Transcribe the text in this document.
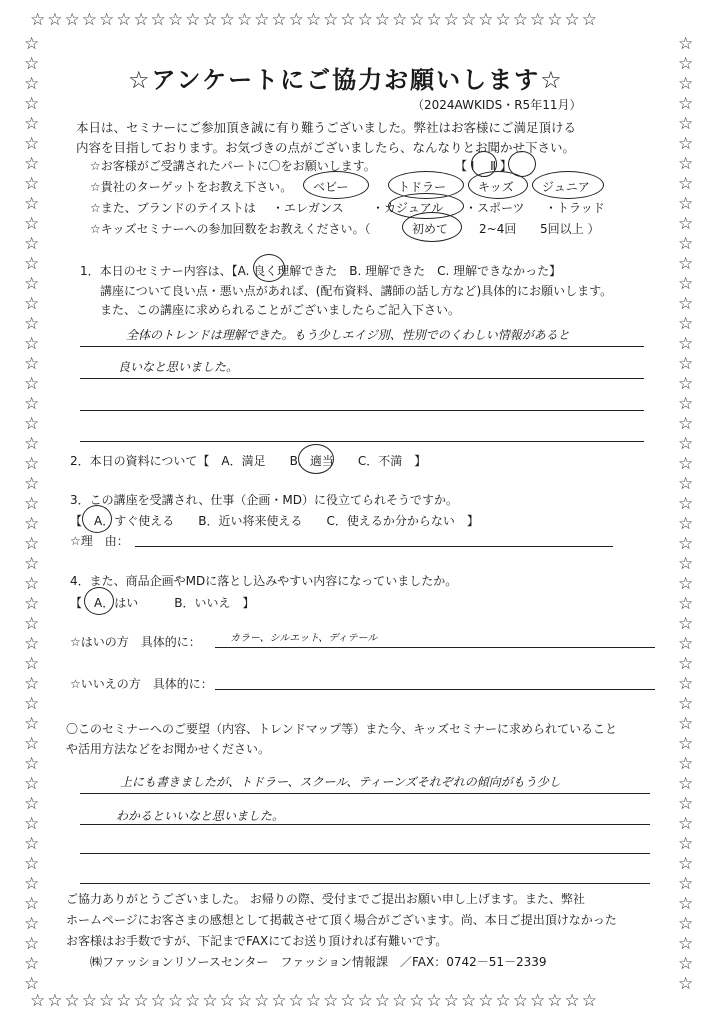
☆☆☆☆☆☆☆☆☆☆☆☆☆☆☆☆☆☆☆☆☆☆☆☆☆☆☆☆☆☆☆☆☆
☆☆☆☆☆☆☆☆☆☆☆☆☆☆☆☆☆☆☆☆☆☆☆☆☆☆☆☆☆☆☆☆☆
☆
☆
☆
☆
☆
☆
☆
☆
☆
☆
☆
☆
☆
☆
☆
☆
☆
☆
☆
☆
☆
☆
☆
☆
☆
☆
☆
☆
☆
☆
☆
☆
☆
☆
☆
☆
☆
☆
☆
☆
☆
☆
☆
☆
☆
☆
☆
☆
☆
☆
☆
☆
☆
☆
☆
☆
☆
☆
☆
☆
☆
☆
☆
☆
☆
☆
☆
☆
☆
☆
☆
☆
☆
☆
☆
☆
☆
☆
☆
☆
☆
☆
☆
☆
☆
☆
☆
☆
☆
☆
☆
☆
☆
☆
☆
☆
☆アンケートにご協力お願いします☆
（2024AWKIDS・R5年11月）
本日は、セミナーにご参加頂き誠に有り難うございました。弊社はお客様にご満足頂ける
内容を目指しております。お気づきの点がございましたら、なんなりとお聞かせ下さい。
☆お客様がご受講されたパートに〇をお願いします。	【 Ⅰ 　Ⅱ 】
☆貴社のターゲットをお教え下さい。 ベビー	トドラー	キッズ ジュニア
☆また、ブランドのテイストは ・エレガンス ・カジュアル ・スポーツ ・トラッド
☆キッズセミナーへの参加回数をお教えください。（	初めて	2~4回 5回以上 ）
1．本日のセミナー内容は、【A. 良く理解できた　B. 理解できた　C. 理解できなかった】
講座について良い点・悪い点があれば、(配布資料、講師の話し方など)具体的にお願いします。
また、この講座に求められることがございましたらご記入下さい。
全体のトレンドは理解できた。もう少しエイジ別、性別でのくわしい情報があると
良いなと思いました。
2．本日の資料について【　A．満足　　B．適当　　C．不満　】
3．この講座を受講され、仕事（企画・MD）に役立てられそうですか。
【　A．すぐ使える　　B．近い将来使える　　C．使えるか分からない　】
☆理　由：
4．また、商品企画やMDに落とし込みやすい内容になっていましたか。
【　A．はい　　　B．いいえ　】
☆はいの方　具体的に：	カラー、シルエット、ディテール
☆いいえの方　具体的に：
〇このセミナーへのご要望（内容、トレンドマップ等）また今、キッズセミナーに求められていること
や活用方法などをお聞かせください。
上にも書きましたが、トドラー、スクール、ティーンズそれぞれの傾向がもう少し
わかるといいなと思いました。
ご協力ありがとうございました。 お帰りの際、受付までご提出お願い申し上げます。また、弊社
ホームページにお客さまの感想として掲載させて頂く場合がございます。尚、本日ご提出頂けなかった
お客様はお手数ですが、下記までFAXにてお送り頂ければ有難いです。
㈱ファッションリソースセンター　ファッション情報課　／FAX：0742－51－2339
